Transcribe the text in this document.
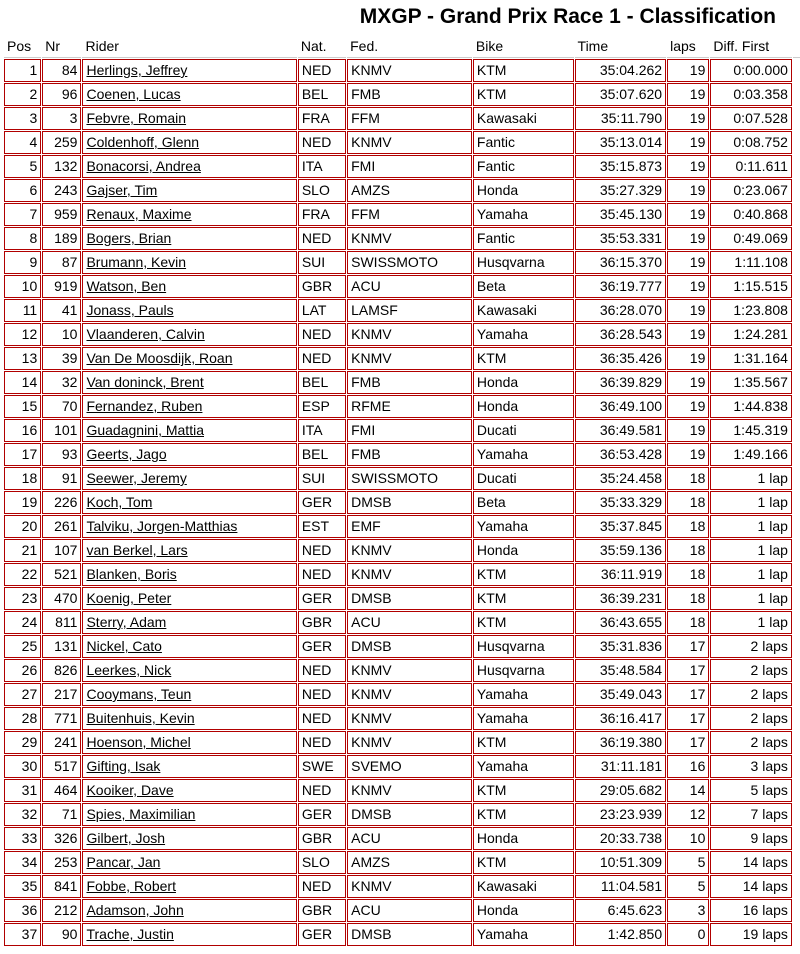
MXGP - Grand Prix Race 1 - Classification
Pos	Nr	Rider	Nat.	Fed.	Bike	Time	laps	Diff. First	
1	84	Herlings, Jeffrey	NED	KNMV	KTM	35:04.262	19	0:00.000	
2	96	Coenen, Lucas	BEL	FMB	KTM	35:07.620	19	0:03.358	
3	3	Febvre, Romain	FRA	FFM	Kawasaki	35:11.790	19	0:07.528	
4	259	Coldenhoff, Glenn	NED	KNMV	Fantic	35:13.014	19	0:08.752	
5	132	Bonacorsi, Andrea	ITA	FMI	Fantic	35:15.873	19	0:11.611	
6	243	Gajser, Tim	SLO	AMZS	Honda	35:27.329	19	0:23.067	
7	959	Renaux, Maxime	FRA	FFM	Yamaha	35:45.130	19	0:40.868	
8	189	Bogers, Brian	NED	KNMV	Fantic	35:53.331	19	0:49.069	
9	87	Brumann, Kevin	SUI	SWISSMOTO	Husqvarna	36:15.370	19	1:11.108	
10	919	Watson, Ben	GBR	ACU	Beta	36:19.777	19	1:15.515	
11	41	Jonass, Pauls	LAT	LAMSF	Kawasaki	36:28.070	19	1:23.808	
12	10	Vlaanderen, Calvin	NED	KNMV	Yamaha	36:28.543	19	1:24.281	
13	39	Van De Moosdijk, Roan	NED	KNMV	KTM	36:35.426	19	1:31.164	
14	32	Van doninck, Brent	BEL	FMB	Honda	36:39.829	19	1:35.567	
15	70	Fernandez, Ruben	ESP	RFME	Honda	36:49.100	19	1:44.838	
16	101	Guadagnini, Mattia	ITA	FMI	Ducati	36:49.581	19	1:45.319	
17	93	Geerts, Jago	BEL	FMB	Yamaha	36:53.428	19	1:49.166	
18	91	Seewer, Jeremy	SUI	SWISSMOTO	Ducati	35:24.458	18	1 lap	
19	226	Koch, Tom	GER	DMSB	Beta	35:33.329	18	1 lap	
20	261	Talviku, Jorgen-Matthias	EST	EMF	Yamaha	35:37.845	18	1 lap	
21	107	van Berkel, Lars	NED	KNMV	Honda	35:59.136	18	1 lap	
22	521	Blanken, Boris	NED	KNMV	KTM	36:11.919	18	1 lap	
23	470	Koenig, Peter	GER	DMSB	KTM	36:39.231	18	1 lap	
24	811	Sterry, Adam	GBR	ACU	KTM	36:43.655	18	1 lap	
25	131	Nickel, Cato	GER	DMSB	Husqvarna	35:31.836	17	2 laps	
26	826	Leerkes, Nick	NED	KNMV	Husqvarna	35:48.584	17	2 laps	
27	217	Cooymans, Teun	NED	KNMV	Yamaha	35:49.043	17	2 laps	
28	771	Buitenhuis, Kevin	NED	KNMV	Yamaha	36:16.417	17	2 laps	
29	241	Hoenson, Michel	NED	KNMV	KTM	36:19.380	17	2 laps	
30	517	Gifting, Isak	SWE	SVEMO	Yamaha	31:11.181	16	3 laps	
31	464	Kooiker, Dave	NED	KNMV	KTM	29:05.682	14	5 laps	
32	71	Spies, Maximilian	GER	DMSB	KTM	23:23.939	12	7 laps	
33	326	Gilbert, Josh	GBR	ACU	Honda	20:33.738	10	9 laps	
34	253	Pancar, Jan	SLO	AMZS	KTM	10:51.309	5	14 laps	
35	841	Fobbe, Robert	NED	KNMV	Kawasaki	11:04.581	5	14 laps	
36	212	Adamson, John	GBR	ACU	Honda	6:45.623	3	16 laps	
37	90	Trache, Justin	GER	DMSB	Yamaha	1:42.850	0	19 laps	
